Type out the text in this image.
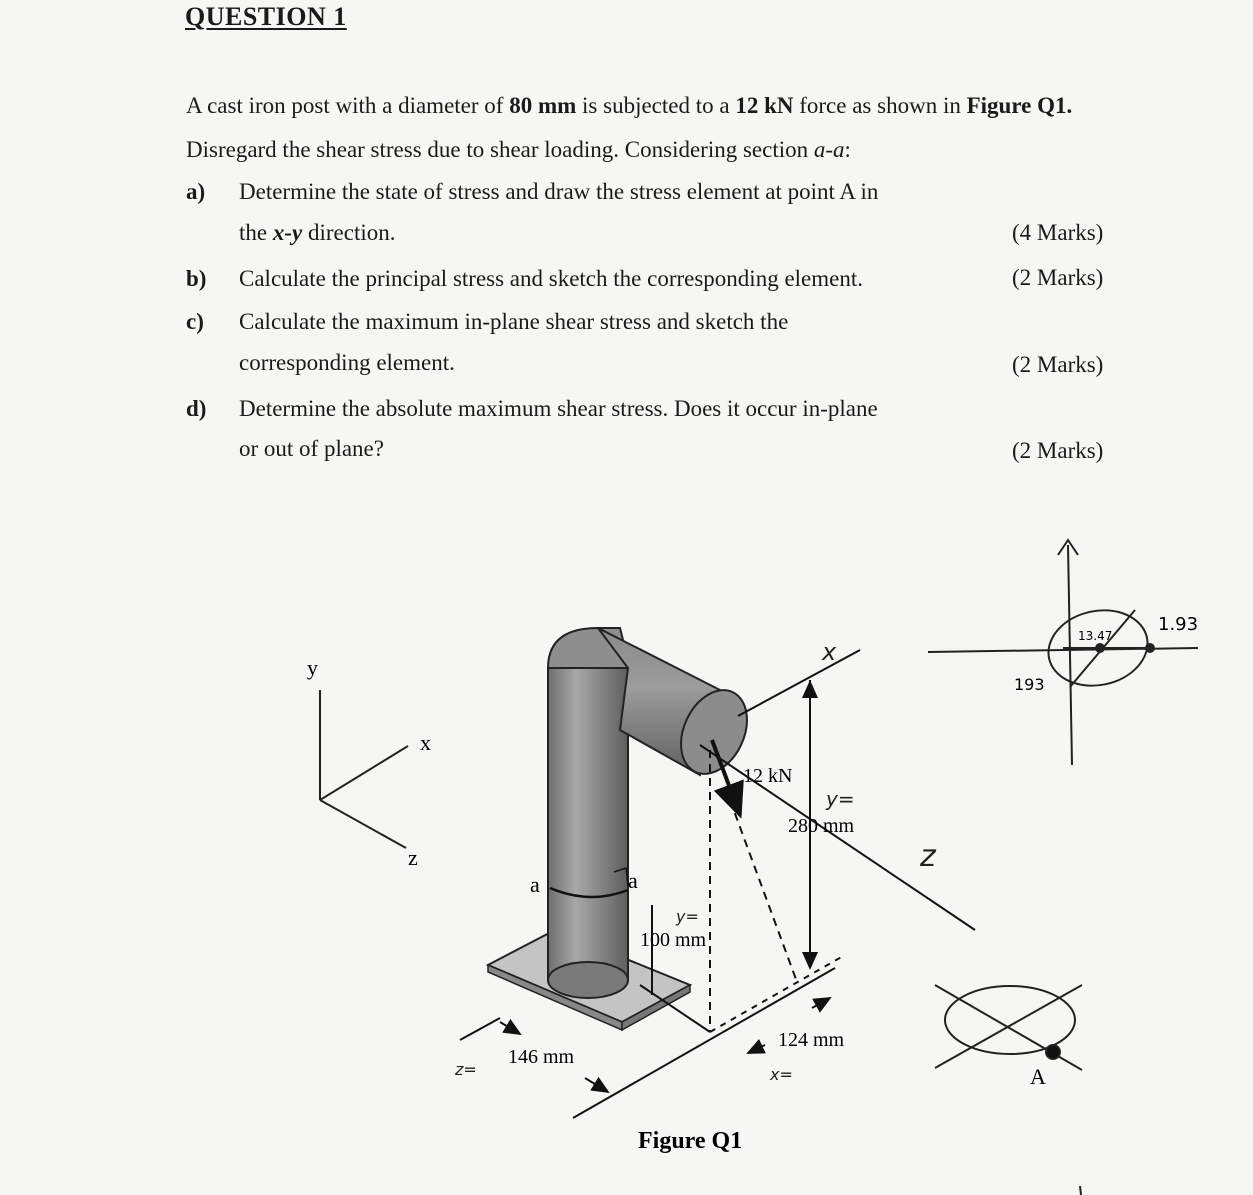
QUESTION 1
A cast iron post with a diameter of 80 mm is subjected to a 12 kN force as shown in Figure Q1.
Disregard the shear stress due to shear loading. Considering section a-a:
a) Determine the state of stress and draw the stress element at point A in
the x-y direction.	(4 Marks)
b) Calculate the principal stress and sketch the corresponding element.	(2 Marks)
c) Calculate the maximum in-plane shear stress and sketch the
corresponding element.	(2 Marks)
d) Determine the absolute maximum shear stress. Does it occur in-plane
or out of plane?	(2 Marks)
y
x
z
a	a
12 kN
280 mm
100 mm
124 mm
146 mm
Figure Q1
x
y=
y=
z
x=
z=
13.47
1.93
193
A
